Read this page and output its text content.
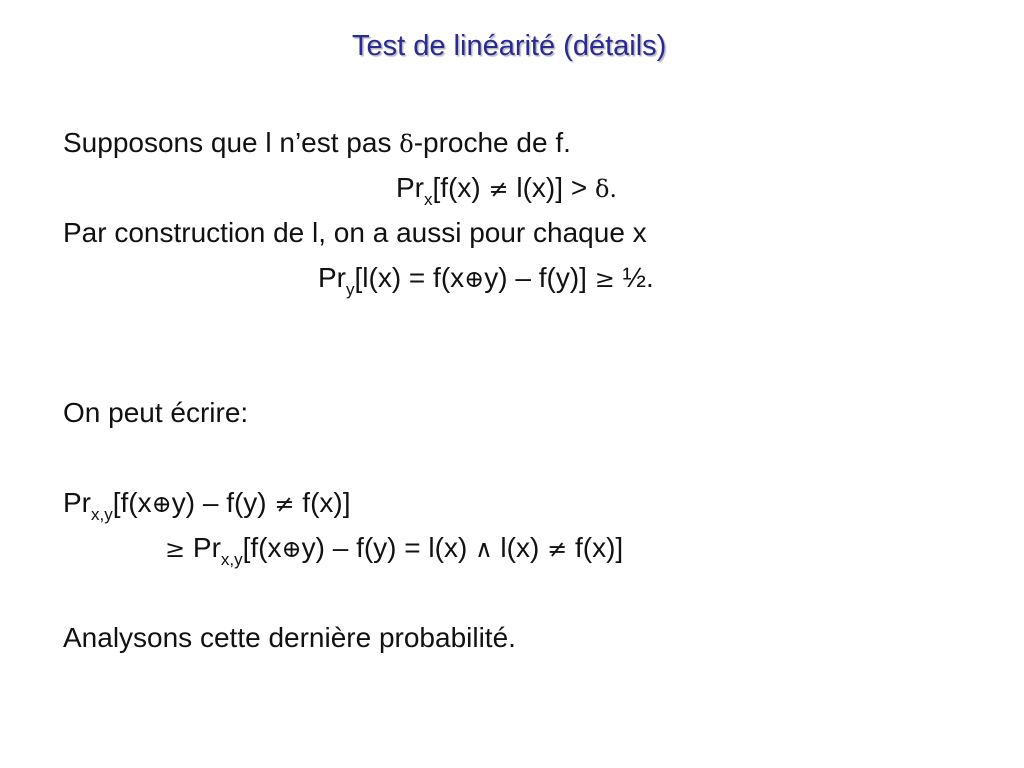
Test de linéarité (détails)
Supposons que l n’est pas δ-proche de f.
$Pr_x[f(x) \ne l(x)] > \delta$.
Par construction de l, on a aussi pour chaque x
$Pr_y[l(x)$ = f(x⊕y) – f(y)] ≥ ½.
On peut écrire:
$Pr_{x,y}[f(x\oplus y) - f(y) \ne f(x)]$
≥ $Pr_{x,y}[f(x\oplus y) - f(y) = l(x)$ ∧ l(x) ≠ f(x)]
Analysons cette dernière probabilité.
